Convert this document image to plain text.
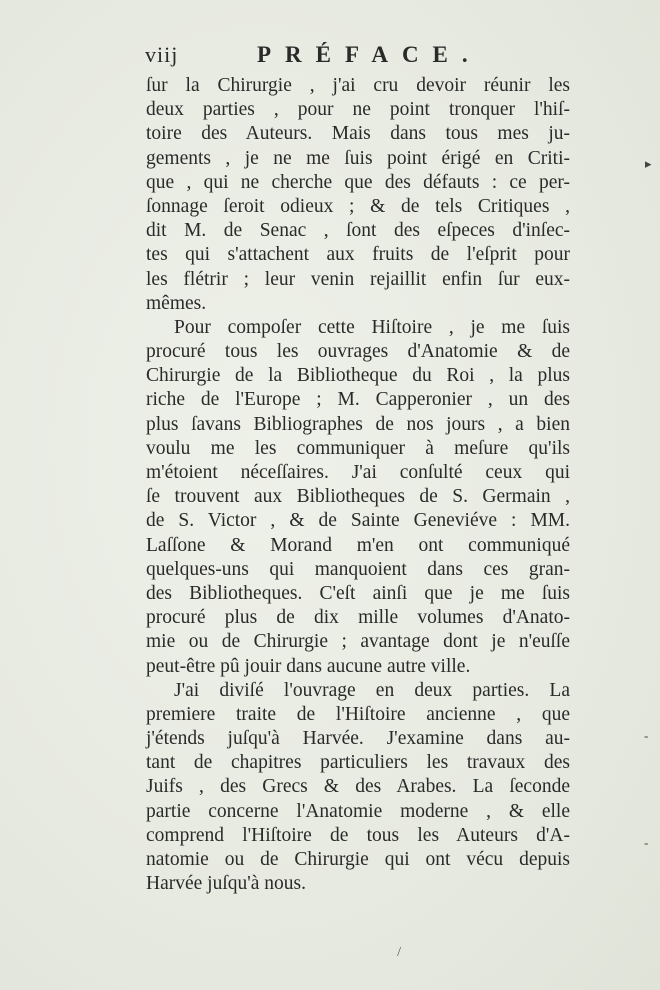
viij	PRÉFACE.
ſur la Chirurgie , j'ai cru devoir réunir les
deux parties , pour ne point tronquer l'hiſ-
toire des Auteurs. Mais dans tous mes ju-
gements , je ne me ſuis point érigé en Criti-
que , qui ne cherche que des défauts : ce per-
ſonnage ſeroit odieux ; & de tels Critiques ,
dit M. de Senac , ſont des eſpeces d'inſec-
tes qui s'attachent aux fruits de l'eſprit pour
les flétrir ; leur venin rejaillit enfin ſur eux-
mêmes.
Pour compoſer cette Hiſtoire , je me ſuis
procuré tous les ouvrages d'Anatomie & de
Chirurgie de la Bibliotheque du Roi , la plus
riche de l'Europe ; M. Capperonier , un des
plus ſavans Bibliographes de nos jours , a bien
voulu me les communiquer à meſure qu'ils
m'étoient néceſſaires. J'ai conſulté ceux qui
ſe trouvent aux Bibliotheques de S. Germain ,
de S. Victor , & de Sainte Geneviéve : MM.
Laſſone & Morand m'en ont communiqué
quelques-uns qui manquoient dans ces gran-
des Bibliotheques. C'eſt ainſi que je me ſuis
procuré plus de dix mille volumes d'Anato-
mie ou de Chirurgie ; avantage dont je n'euſſe
peut-être pû jouir dans aucune autre ville.
J'ai diviſé l'ouvrage en deux parties. La
premiere traite de l'Hiſtoire ancienne , que
j'étends juſqu'à Harvée. J'examine dans au-
tant de chapitres particuliers les travaux des
Juifs , des Grecs & des Arabes. La ſeconde
partie concerne l'Anatomie moderne , & elle
comprend l'Hiſtoire de tous les Auteurs d'A-
natomie ou de Chirurgie qui ont vécu depuis
Harvée juſqu'à nous.
 /
▸
-
-
